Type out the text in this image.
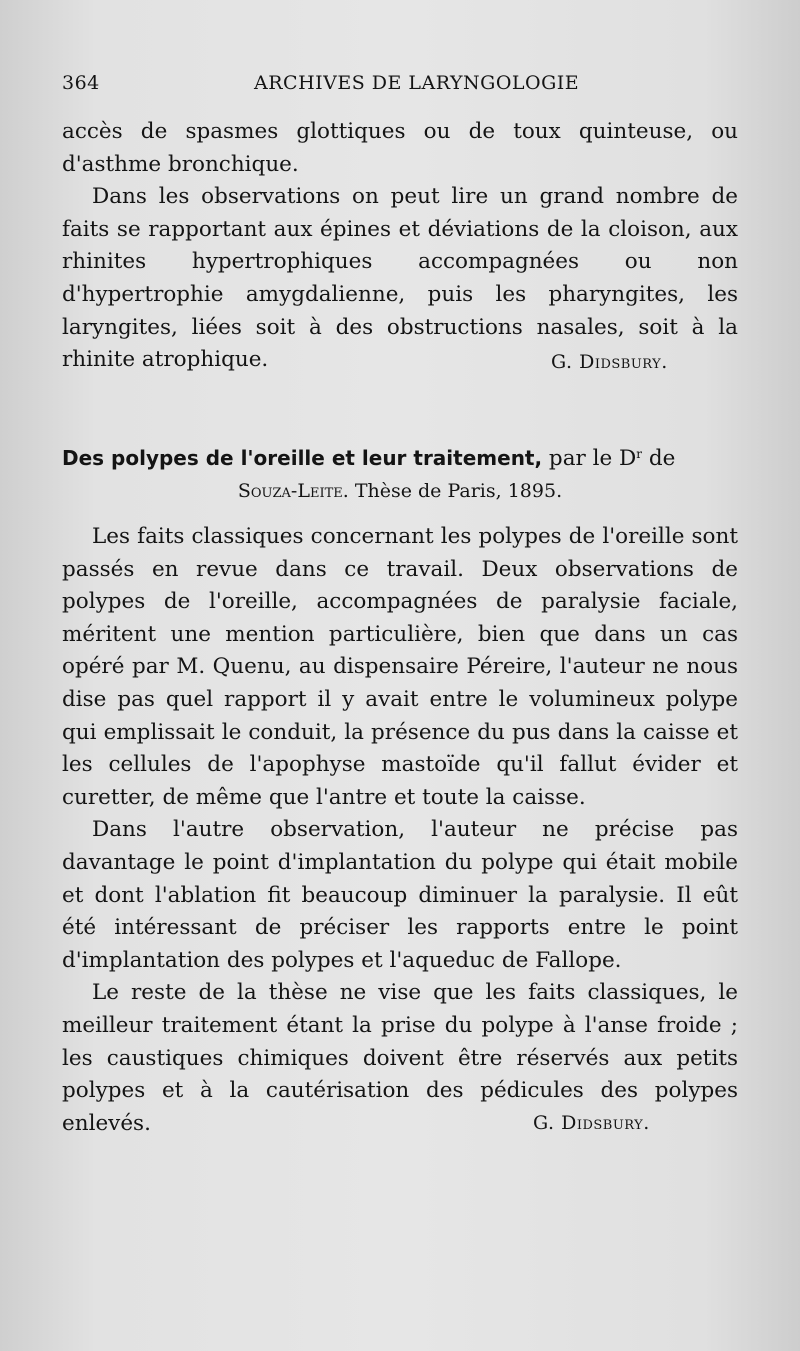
364	ARCHIVES DE LARYNGOLOGIE

accès de spasmes glottiques ou de toux quinteuse, ou d'asthme bronchique.

Dans les observations on peut lire un grand nombre de faits se rapportant aux épines et déviations de la cloison, aux rhinites hypertrophiques accompagnées ou non d'hypertrophie amygdalienne, puis les pharyngites, les laryngites, liées soit à des obstructions nasales, soit à la rhinite atrophique.	G. Didsbury.
Des polypes de l'oreille et leur traitement, par le $D^r$ de
Souza-Leite. Thèse de Paris, 1895.

Les faits classiques concernant les polypes de l'oreille sont passés en revue dans ce travail. Deux observations de polypes de l'oreille, accompagnées de paralysie faciale, méritent une mention particulière, bien que dans un cas opéré par M. Quenu, au dispensaire Péreire, l'auteur ne nous dise pas quel rapport il y avait entre le volumineux polype qui emplissait le conduit, la présence du pus dans la caisse et les cellules de l'apophyse mastoïde qu'il fallut évider et curetter, de même que l'antre et toute la caisse.

Dans l'autre observation, l'auteur ne précise pas davantage le point d'implantation du polype qui était mobile et dont l'ablation fit beaucoup diminuer la paralysie. Il eût été intéressant de préciser les rapports entre le point d'implantation des polypes et l'aqueduc de Fallope.

Le reste de la thèse ne vise que les faits classiques, le meilleur traitement étant la prise du polype à l'anse froide ; les caustiques chimiques doivent être réservés aux petits polypes et à la cautérisation des pédicules des polypes enlevés.	G. Didsbury.
